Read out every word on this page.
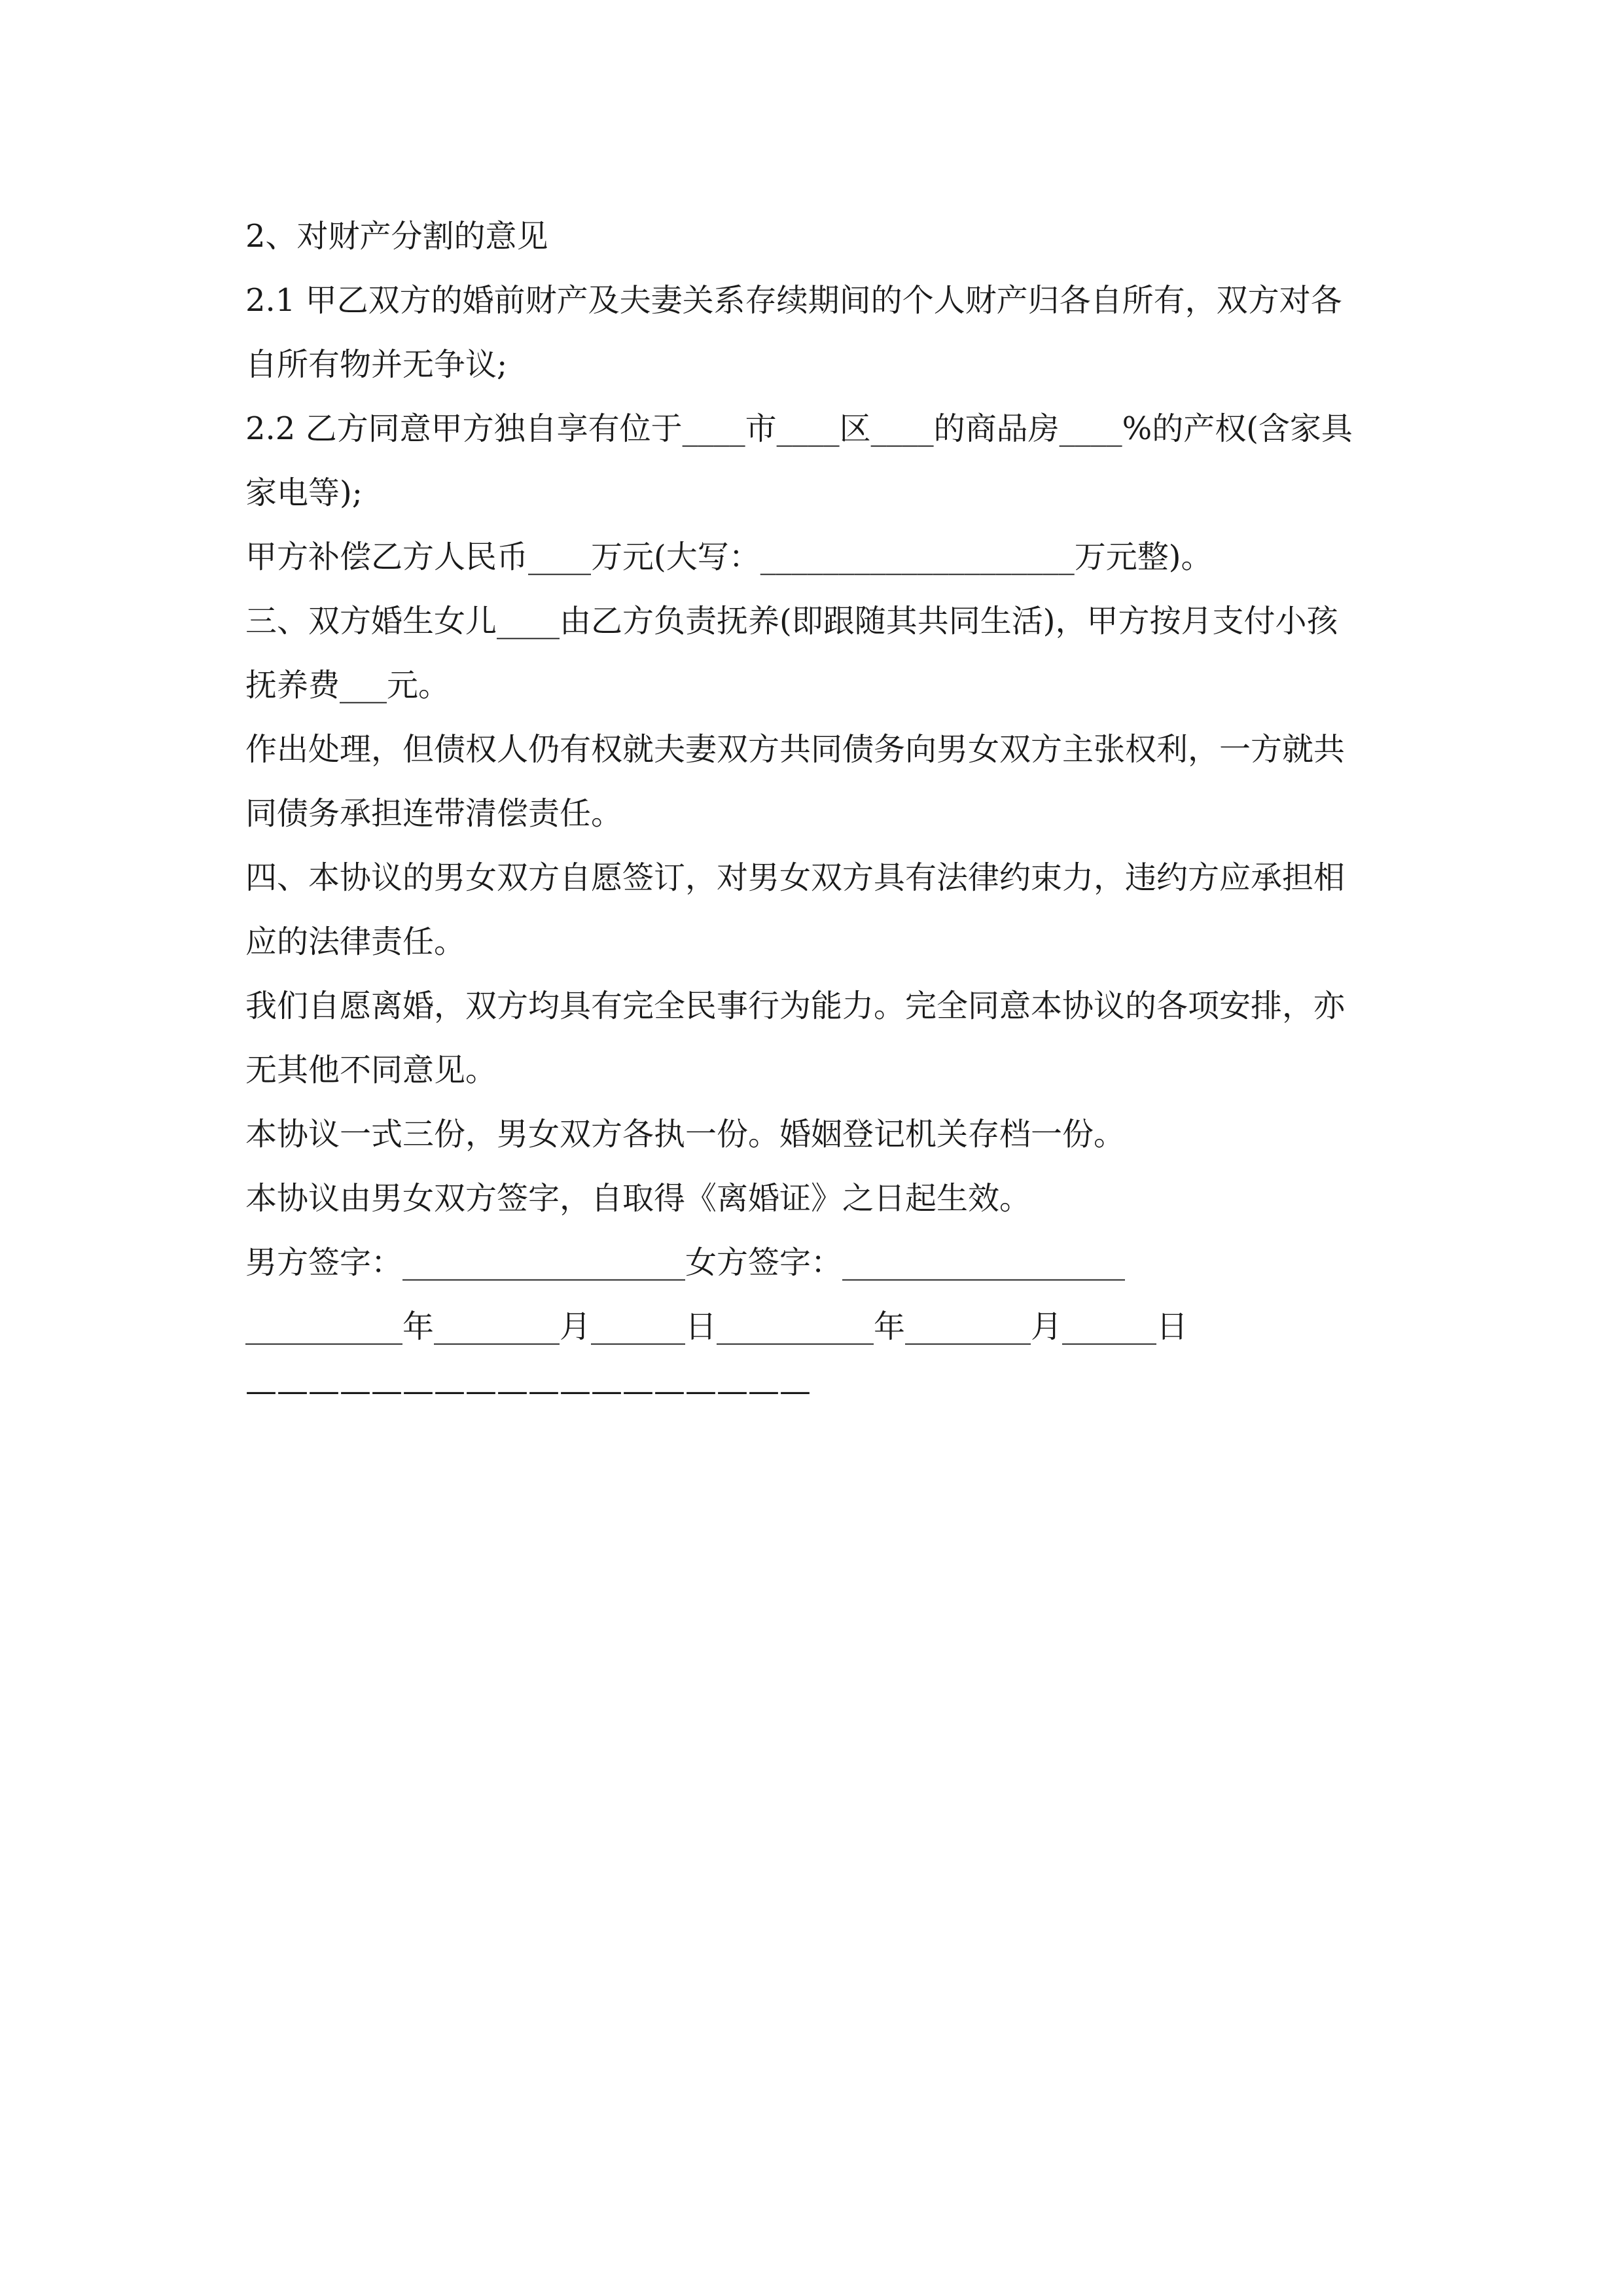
2、对财产分割的意见
2.1 甲乙双方的婚前财产及夫妻关系存续期间的个人财产归各自所有，双方对各
自所有物并无争议;
2.2 乙方同意甲方独自享有位于____市____区____的商品房____%的产权(含家具
家电等);
甲方补偿乙方人民币____万元(大写：____________________万元整)。
三、双方婚生女儿____由乙方负责抚养(即跟随其共同生活)，甲方按月支付小孩
抚养费___元。
作出处理，但债权人仍有权就夫妻双方共同债务向男女双方主张权利，一方就共
同债务承担连带清偿责任。
四、本协议的男女双方自愿签订，对男女双方具有法律约束力，违约方应承担相
应的法律责任。
我们自愿离婚，双方均具有完全民事行为能力。完全同意本协议的各项安排，亦
无其他不同意见。
本协议一式三份，男女双方各执一份。婚姻登记机关存档一份。
本协议由男女双方签字，自取得《离婚证》之日起生效。
男方签字：__________________女方签字：__________________
__________年________月______日__________年________月______日
——————————————————
